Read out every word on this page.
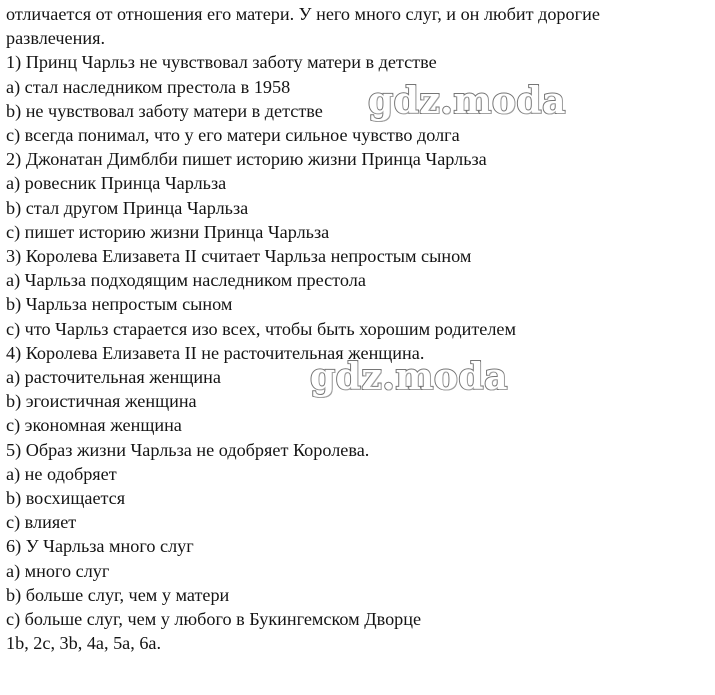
отличается от отношения его матери. У него много слуг, и он любит дорогие
развлечения.
1) Принц Чарльз не чувствовал заботу матери в детстве
a) стал наследником престола в 1958
b) не чувствовал заботу матери в детстве
c) всегда понимал, что у его матери сильное чувство долга
2) Джонатан Димблби пишет историю жизни Принца Чарльза
a) ровесник Принца Чарльза
b) стал другом Принца Чарльза
c) пишет историю жизни Принца Чарльза
3) Королева Елизавета II считает Чарльза непростым сыном
a) Чарльза подходящим наследником престола
b) Чарльза непростым сыном
c) что Чарльз старается изо всех, чтобы быть хорошим родителем
4) Королева Елизавета II не расточительная женщина.
a) расточительная женщина
b) эгоистичная женщина
c) экономная женщина
5) Образ жизни Чарльза не одобряет Королева.
a) не одобряет
b) восхищается
c) влияет
6) У Чарльза много слуг
a) много слуг
b) больше слуг, чем у матери
c) больше слуг, чем у любого в Букингемском Дворце
1b, 2c, 3b, 4a, 5a, 6a.
gdz.moda
gdz.moda
